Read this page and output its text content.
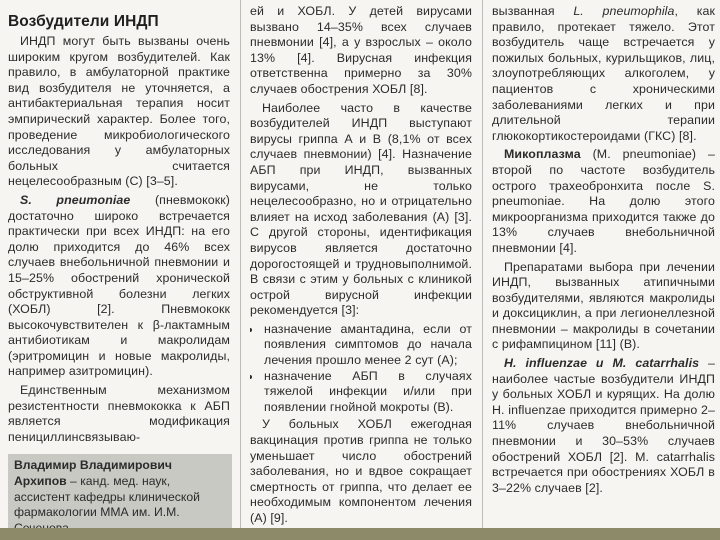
Возбудители ИНДП

ИНДП могут быть вызваны очень широким кругом возбудителей. Как правило, в амбулаторной практике вид возбудителя не уточняется, а антибактериальная терапия носит эмпирический характер. Более того, проведение микробиологического исследования у амбулаторных больных считается нецелесообразным (С) [3–5].

S. pneumoniae (пневмококк) достаточно широко встречается практически при всех ИНДП: на его долю приходится до 46% всех случаев внебольничной пневмонии и 15–25% обострений хронической обструктивной болезни легких (ХОБЛ) [2]. Пневмококк высокочувствителен к β-лактамным антибиотикам и макролидам (эритромицин и новые макролиды, например азитромицин).

Единственным механизмом резистентности пневмококка к АБП является модификация пенициллинсвязываю-

Владимир Владимирович Архипов – канд. мед. наук, ассистент кафедры клинической фармакологии ММА им. И.М.

ей и ХОБЛ. У детей вирусами вызвано 14–35% всех случаев пневмонии [4], а у взрослых – около 13% [4]. Вирусная инфекция ответственна примерно за 30% случаев обострения ХОБЛ [8].

Наиболее часто в качестве возбудителей ИНДП выступают вирусы гриппа А и В (8,1% от всех случаев пневмонии) [4]. Назначение АБП при ИНДП, вызванных вирусами, не только нецелесообразно, но и отрицательно влияет на исход заболевания (А) [3]. С другой стороны, идентификация вирусов является достаточно дорогостоящей и трудновыполнимой. В связи с этим у больных с клиникой острой вирусной инфекции рекомендуется [3]:

• назначение амантадина, если от появления симптомов до начала лечения прошло менее 2 сут (А);
• назначение АБП в случаях тяжелой инфекции и/или при появлении гнойной мокроты (В).

У больных ХОБЛ ежегодная вакцинация против гриппа не только уменьшает число обострений заболевания, но и вдвое сокращает смертность от гриппа, что делает ее необходимым компонентом лечения (А) [9].

вызванная L. pneumophila, как правило, протекает тяжело. Этот возбудитель чаще встречается у пожилых больных, курильщиков, лиц, злоупотребляющих алкоголем, у пациентов с хроническими заболеваниями легких и при длительной терапии глюкокортикостероидами (ГКС) [8].

Микоплазма (M. pneumoniae) – второй по частоте возбудитель острого трахеобронхита после S. pneumoniae. На долю этого микроорганизма приходится также до 13% случаев внебольничной пневмонии [4].

Препаратами выбора при лечении ИНДП, вызванных атипичными возбудителями, являются макролиды и доксициклин, а при легионеллезной пневмонии – макролиды в сочетании с рифампицином [11] (В).

H. influenzae и M. catarrhalis – наиболее частые возбудители ИНДП у больных ХОБЛ и курящих. На долю H. influenzae приходится примерно 2–11% случаев внебольничной пневмонии и 30–53% случаев обострений ХОБЛ [2]. M. catarrhalis встречается при обострениях ХОБЛ в 3–22% случаев [2].
